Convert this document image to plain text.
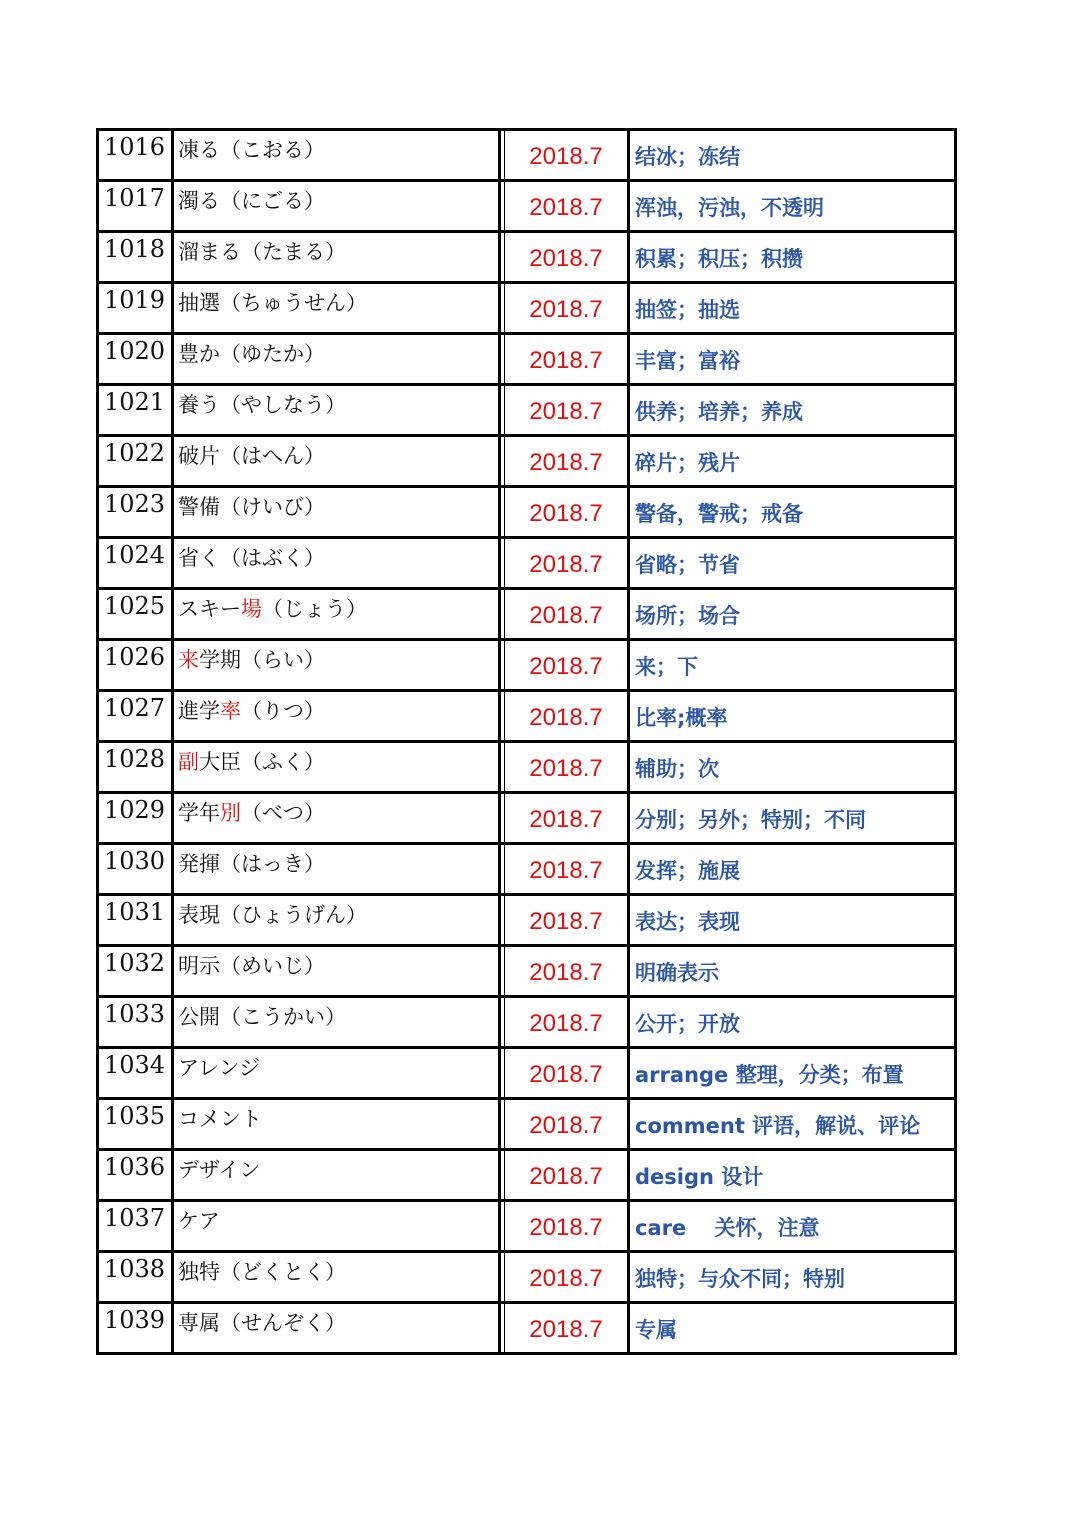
1016	凍る（こおる）		2018.7	结冰；冻结
1017	濁る（にごる）		2018.7	浑浊，污浊，不透明
1018	溜まる（たまる）		2018.7	积累；积压；积攒
1019	抽選（ちゅうせん）		2018.7	抽签；抽选
1020	豊か（ゆたか）		2018.7	丰富；富裕
1021	養う（やしなう）		2018.7	供养；培养；养成
1022	破片（はへん）		2018.7	碎片；残片
1023	警備（けいび）		2018.7	警备，警戒；戒备
1024	省く（はぶく）		2018.7	省略；节省
1025	スキー場（じょう）		2018.7	场所；场合
1026	来学期（らい）		2018.7	来；下
1027	進学率（りつ）		2018.7	比率;概率
1028	副大臣（ふく）		2018.7	辅助；次
1029	学年別（べつ）		2018.7	分别；另外；特别；不同
1030	発揮（はっき）		2018.7	发挥；施展
1031	表現（ひょうげん）		2018.7	表达；表现
1032	明示（めいじ）		2018.7	明确表示
1033	公開（こうかい）		2018.7	公开；开放
1034	アレンジ		2018.7	arrange 整理，分类；布置
1035	コメント		2018.7	comment 评语，解说、评论
1036	デザイン		2018.7	design 设计
1037	ケア		2018.7	care　 关怀，注意
1038	独特（どくとく）		2018.7	独特；与众不同；特别
1039	専属（せんぞく）		2018.7	专属
